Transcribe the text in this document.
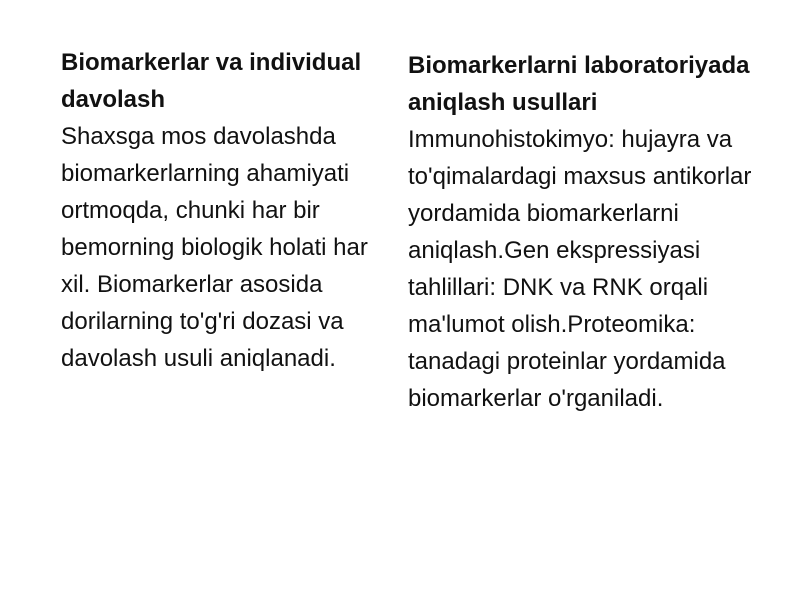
Biomarkerlar va individual davolash

Shaxsga mos davolashda biomarkerlarning ahamiyati ortmoqda, chunki har bir bemorning biologik holati har xil. Biomarkerlar asosida dorilarning to'g'ri dozasi va davolash usuli aniqlanadi.

Biomarkerlarni laboratoriyada aniqlash usullari

Immunohistokimyo: hujayra va to'qimalardagi maxsus antikorlar yordamida biomarkerlarni aniqlash.Gen ekspressiyasi tahlillari: DNK va RNK orqali ma'lumot olish.Proteomika: tanadagi proteinlar yordamida biomarkerlar o'rganiladi.
